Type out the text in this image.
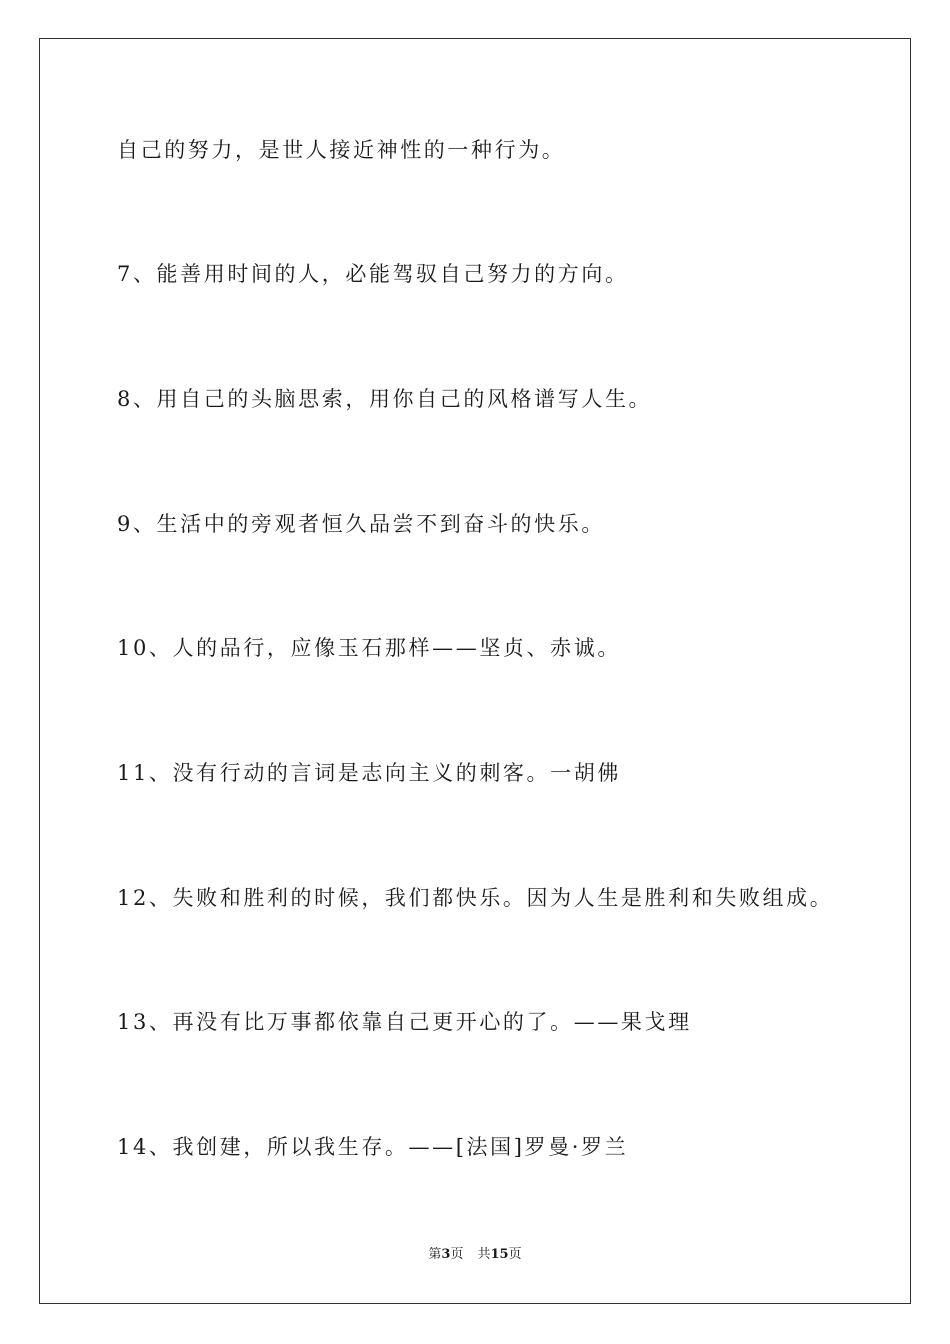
自己的努力，是世人接近神性的一种行为。
7、能善用时间的人，必能驾驭自己努力的方向。
8、用自己的头脑思索，用你自己的风格谱写人生。
9、生活中的旁观者恒久品尝不到奋斗的快乐。
10、人的品行，应像玉石那样——坚贞、赤诚。
11、没有行动的言词是志向主义的刺客。一胡佛
12、失败和胜利的时候，我们都快乐。因为人生是胜利和失败组成。
13、再没有比万事都依靠自己更开心的了。——果戈理
14、我创建，所以我生存。——[法国]罗曼·罗兰
第3页 共15页
